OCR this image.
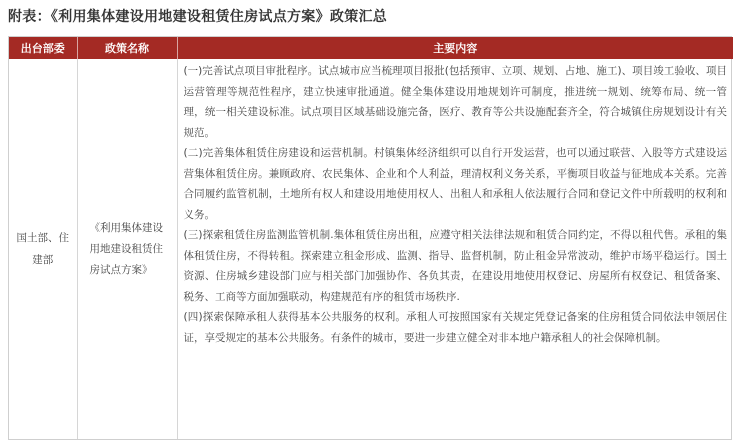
附表：《利用集体建设用地建设租赁住房试点方案》政策汇总
出台部委	政策名称	主要内容
国土部、住建部	《利用集体建设用地建设租赁住房试点方案》	(一)完善试点项目审批程序。试点城市应当梳理项目报批(包括预审、立项、规划、占地、施工)、项目竣工验收、项目运营管理等规范性程序，建立快速审批通道。健全集体建设用地规划许可制度，推进统一规划、统筹布局、统一管理，统一相关建设标准。试点项目区域基础设施完备，医疗、教育等公共设施配套齐全，符合城镇住房规划设计有关规范。

(二)完善集体租赁住房建设和运营机制。村镇集体经济组织可以自行开发运营，也可以通过联营、入股等方式建设运营集体租赁住房。兼顾政府、农民集体、企业和个人利益，理清权利义务关系，平衡项目收益与征地成本关系。完善合同履约监管机制，土地所有权人和建设用地使用权人、出租人和承租人依法履行合同和登记文件中所载明的权利和义务。

(三)探索租赁住房监测监管机制.集体租赁住房出租，应遵守相关法律法规和租赁合同约定，不得以租代售。承租的集体租赁住房，不得转租。探索建立租金形成、监测、指导、监督机制，防止租金异常波动，维护市场平稳运行。国土资源、住房城乡建设部门应与相关部门加强协作、各负其责，在建设用地使用权登记、房屋所有权登记、租赁备案、税务、工商等方面加强联动，构建规范有序的租赁市场秩序.

(四)探索保障承租人获得基本公共服务的权利。承租人可按照国家有关规定凭登记备案的住房租赁合同依法申领居住证，享受规定的基本公共服务。有条件的城市，要进一步建立健全对非本地户籍承租人的社会保障机制。
